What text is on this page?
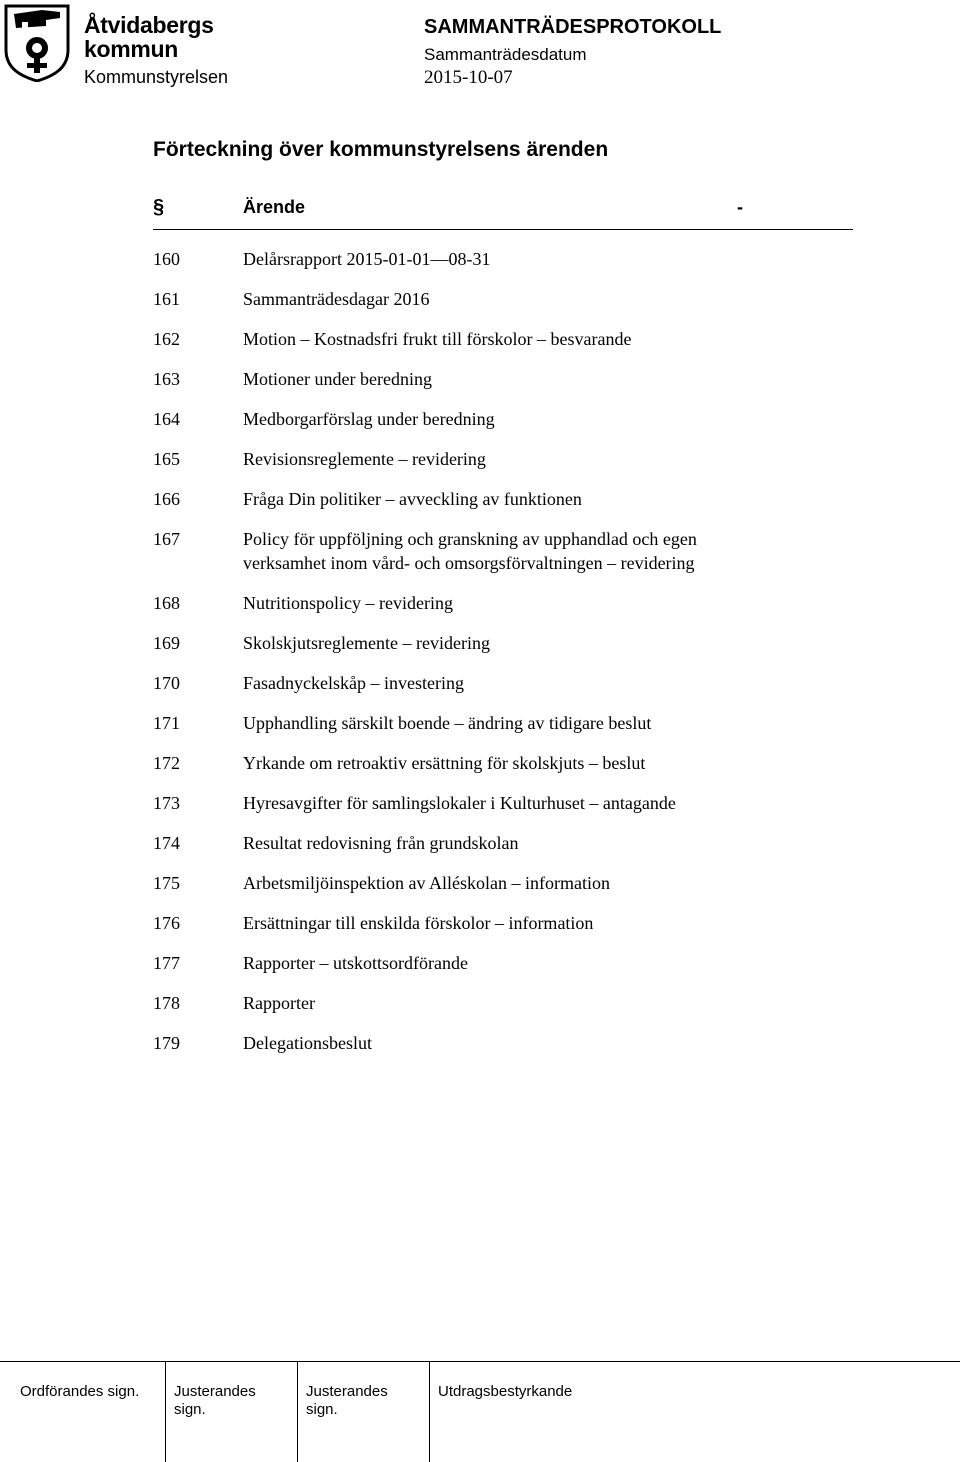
Åtvidabergs
kommun
Kommunstyrelsen
SAMMANTRÄDESPROTOKOLL
Sammanträdesdatum
2015-10-07
Förteckning över kommunstyrelsens ärenden
§	Ärende	-
160	Delårsrapport 2015-01-01—08-31
161	Sammanträdesdagar 2016
162	Motion – Kostnadsfri frukt till förskolor – besvarande
163	Motioner under beredning
164	Medborgarförslag under beredning
165	Revisionsreglemente – revidering
166	Fråga Din politiker – avveckling av funktionen
167	Policy för uppföljning och granskning av upphandlad och egen verksamhet inom vård- och omsorgsförvaltningen – revidering
168	Nutritionspolicy – revidering
169	Skolskjutsreglemente – revidering
170	Fasadnyckelskåp – investering
171	Upphandling särskilt boende – ändring av tidigare beslut
172	Yrkande om retroaktiv ersättning för skolskjuts – beslut
173	Hyresavgifter för samlingslokaler i Kulturhuset – antagande
174	Resultat redovisning från grundskolan
175	Arbetsmiljöinspektion av Alléskolan – information
176	Ersättningar till enskilda förskolor – information
177	Rapporter – utskottsordförande
178	Rapporter
179	Delegationsbeslut
Ordförandes sign.	Justerandes sign.
Justerandes sign.
Utdragsbestyrkande
